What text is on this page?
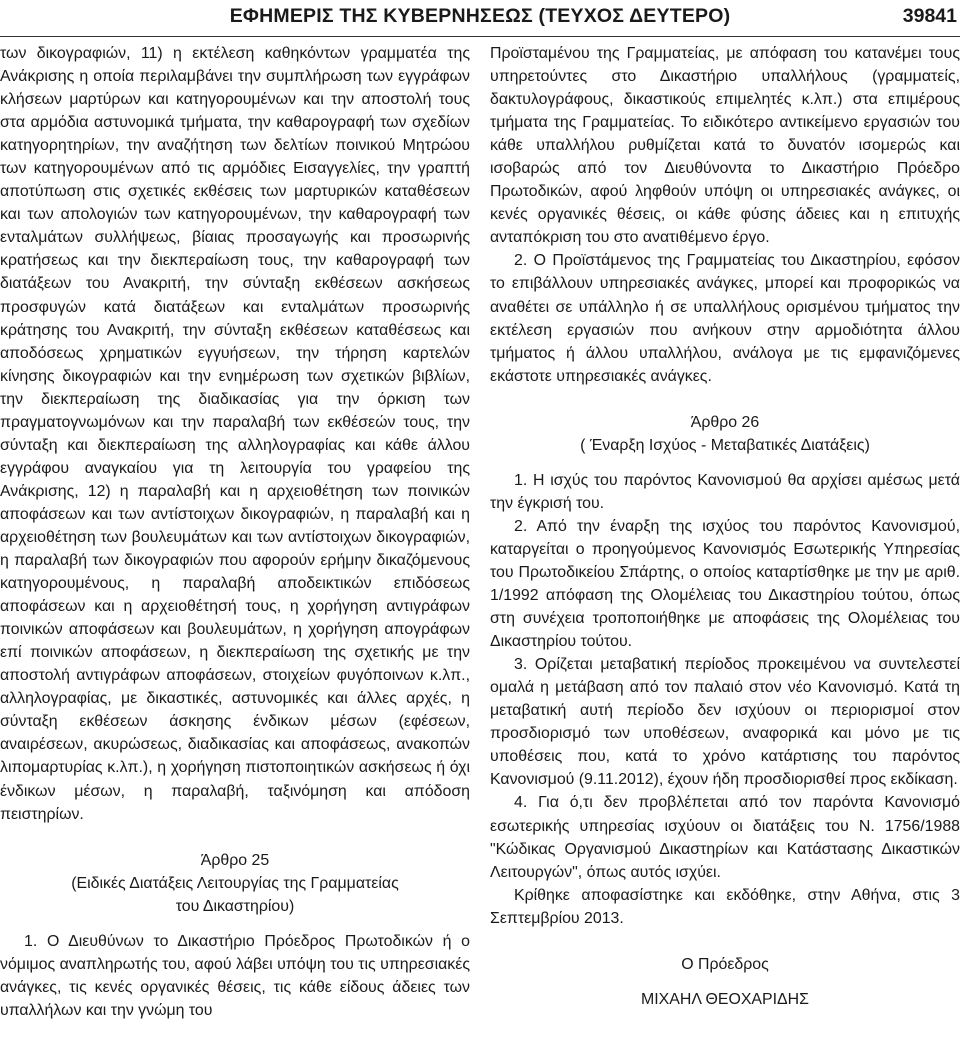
ΕΦΗΜΕΡΙΣ ΤΗΣ ΚΥΒΕΡΝΗΣΕΩΣ (ΤΕΥΧΟΣ ΔΕΥΤΕΡΟ)	39841

των δικογραφιών, 11) η εκτέλεση καθηκόντων γραμματέα της Ανάκρισης η οποία περιλαμβάνει την συμπλήρωση των εγγράφων κλήσεων μαρτύρων και κατηγορουμένων και την αποστολή τους στα αρμόδια αστυνομικά τμήματα, την καθαρογραφή των σχεδίων κατηγορητηρίων, την αναζήτηση των δελτίων ποινικού Μητρώου των κατηγορουμένων από τις αρμόδιες Εισαγγελίες, την γραπτή αποτύπωση στις σχετικές εκθέσεις των μαρτυρικών καταθέσεων και των απολογιών των κατηγορουμένων, την καθαρογραφή των ενταλμάτων συλλήψεως, βίαιας προσαγωγής και προσωρινής κρατήσεως και την διεκπεραίωση τους, την καθαρογραφή των διατάξεων του Ανακριτή, την σύνταξη εκθέσεων ασκήσεως προσφυγών κατά διατάξεων και ενταλμάτων προσωρινής κράτησης του Ανακριτή, την σύνταξη εκθέσεων καταθέσεως και αποδόσεως χρηματικών εγγυήσεων, την τήρηση καρτελών κίνησης δικογραφιών και την ενημέρωση των σχετικών βιβλίων, την διεκπεραίωση της διαδικασίας για την όρκιση των πραγματογνωμόνων και την παραλαβή των εκθέσεών τους, την σύνταξη και διεκπεραίωση της αλληλογραφίας και κάθε άλλου εγγράφου αναγκαίου για τη λειτουργία του γραφείου της Ανάκρισης, 12) η παραλαβή και η αρχειοθέτηση των ποινικών αποφάσεων και των αντίστοιχων δικογραφιών, η παραλαβή και η αρχειοθέτηση των βουλευμάτων και των αντίστοιχων δικογραφιών, η παραλαβή των δικογραφιών που αφορούν ερήμην δικαζόμενους κατηγορουμένους, η παραλαβή αποδεικτικών επιδόσεως αποφάσεων και η αρχειοθέτησή τους, η χορήγηση αντιγράφων ποινικών αποφάσεων και βουλευμάτων, η χορήγηση απογράφων επί ποινικών αποφάσεων, η διεκπεραίωση της σχετικής με την αποστολή αντιγράφων αποφάσεων, στοιχείων φυγόποινων κ.λπ., αλληλογραφίας, με δικαστικές, αστυνομικές και άλλες αρχές, η σύνταξη εκθέσεων άσκησης ένδικων μέσων (εφέσεων, αναιρέσεων, ακυρώσεως, διαδικασίας και αποφάσεως, ανακοπών λιπομαρτυρίας κ.λπ.), η χορήγηση πιστοποιητικών ασκήσεως ή όχι ένδικων μέσων, η παραλαβή, ταξινόμηση και απόδοση πειστηρίων.

Άρθρο 25

(Ειδικές Διατάξεις Λειτουργίας της Γραμματείας

του Δικαστηρίου)

1. Ο Διευθύνων το Δικαστήριο Πρόεδρος Πρωτοδικών ή ο νόμιμος αναπληρωτής του, αφού λάβει υπόψη του τις υπηρεσιακές ανάγκες, τις κενές οργανικές θέσεις, τις κάθε είδους άδειες των υπαλλήλων και την γνώμη του

Προϊσταμένου της Γραμματείας, με απόφαση του κατανέμει τους υπηρετούντες στο Δικαστήριο υπαλλήλους (γραμματείς, δακτυλογράφους, δικαστικούς επιμελητές κ.λπ.) στα επιμέρους τμήματα της Γραμματείας. Το ειδικότερο αντικείμενο εργασιών του κάθε υπαλλήλου ρυθμίζεται κατά το δυνατόν ισομερώς και ισοβαρώς από τον Διευθύνοντα το Δικαστήριο Πρόεδρο Πρωτοδικών, αφού ληφθούν υπόψη οι υπηρεσιακές ανάγκες, οι κενές οργανικές θέσεις, οι κάθε φύσης άδειες και η επιτυχής ανταπόκριση του στο ανατιθέμενο έργο.

2. Ο Προϊστάμενος της Γραμματείας του Δικαστηρίου, εφόσον το επιβάλλουν υπηρεσιακές ανάγκες, μπορεί και προφορικώς να αναθέτει σε υπάλληλο ή σε υπαλλήλους ορισμένου τμήματος την εκτέλεση εργασιών που ανήκουν στην αρμοδιότητα άλλου τμήματος ή άλλου υπαλλήλου, ανάλογα με τις εμφανιζόμενες εκάστοτε υπηρεσιακές ανάγκες.

Άρθρο 26

( Έναρξη Ισχύος - Μεταβατικές Διατάξεις)

1. Η ισχύς του παρόντος Κανονισμού θα αρχίσει αμέσως μετά την έγκρισή του.

2. Από την έναρξη της ισχύος του παρόντος Κανονισμού, καταργείται ο προηγούμενος Κανονισμός Εσωτερικής Υπηρεσίας του Πρωτοδικείου Σπάρτης, ο οποίος καταρτίσθηκε με την με αριθ. 1/1992 απόφαση της Ολομέλειας του Δικαστηρίου τούτου, όπως στη συνέχεια τροποποιήθηκε με αποφάσεις της Ολομέλειας του Δικαστηρίου τούτου.

3. Ορίζεται μεταβατική περίοδος προκειμένου να συντελεστεί ομαλά η μετάβαση από τον παλαιό στον νέο Κανονισμό. Κατά τη μεταβατική αυτή περίοδο δεν ισχύουν οι περιορισμοί στον προσδιορισμό των υποθέσεων, αναφορικά και μόνο με τις υποθέσεις που, κατά το χρόνο κατάρτισης του παρόντος Κανονισμού (9.11.2012), έχουν ήδη προσδιορισθεί προς εκδίκαση.

4. Για ό,τι δεν προβλέπεται από τον παρόντα Κανονισμό εσωτερικής υπηρεσίας ισχύουν οι διατάξεις του Ν. 1756/1988 "Κώδικας Οργανισμού Δικαστηρίων και Κατάστασης Δικαστικών Λειτουργών", όπως αυτός ισχύει.

Κρίθηκε αποφασίστηκε και εκδόθηκε, στην Αθήνα, στις 3 Σεπτεμβρίου 2013.

Ο Πρόεδρος

ΜΙΧΑΗΛ ΘΕΟΧΑΡΙΔΗΣ
